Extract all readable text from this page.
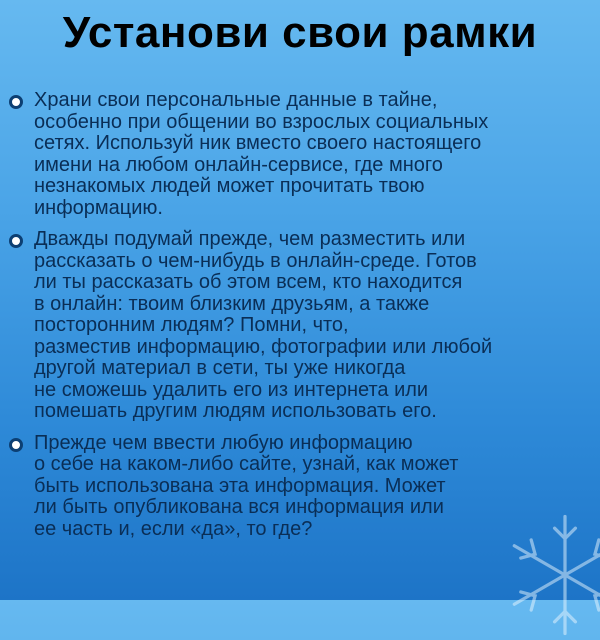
Установи свои рамки
Храни свои персональные данные в тайне,
особенно при общении во взрослых социальных
сетях. Используй ник вместо своего настоящего
имени на любом онлайн-сервисе, где много
незнакомых людей может прочитать твою
информацию.
Дважды подумай прежде, чем разместить или
рассказать о чем-нибудь в онлайн-среде. Готов
ли ты рассказать об этом всем, кто находится
в онлайн: твоим близким друзьям, а также
посторонним людям? Помни, что,
разместив информацию, фотографии или любой
другой материал в сети, ты уже никогда
не сможешь удалить его из интернета или
помешать другим людям использовать его.
Прежде чем ввести любую информацию
о себе на каком-либо сайте, узнай, как может
быть использована эта информация. Может
ли быть опубликована вся информация или
ее часть и, если «да», то где?
